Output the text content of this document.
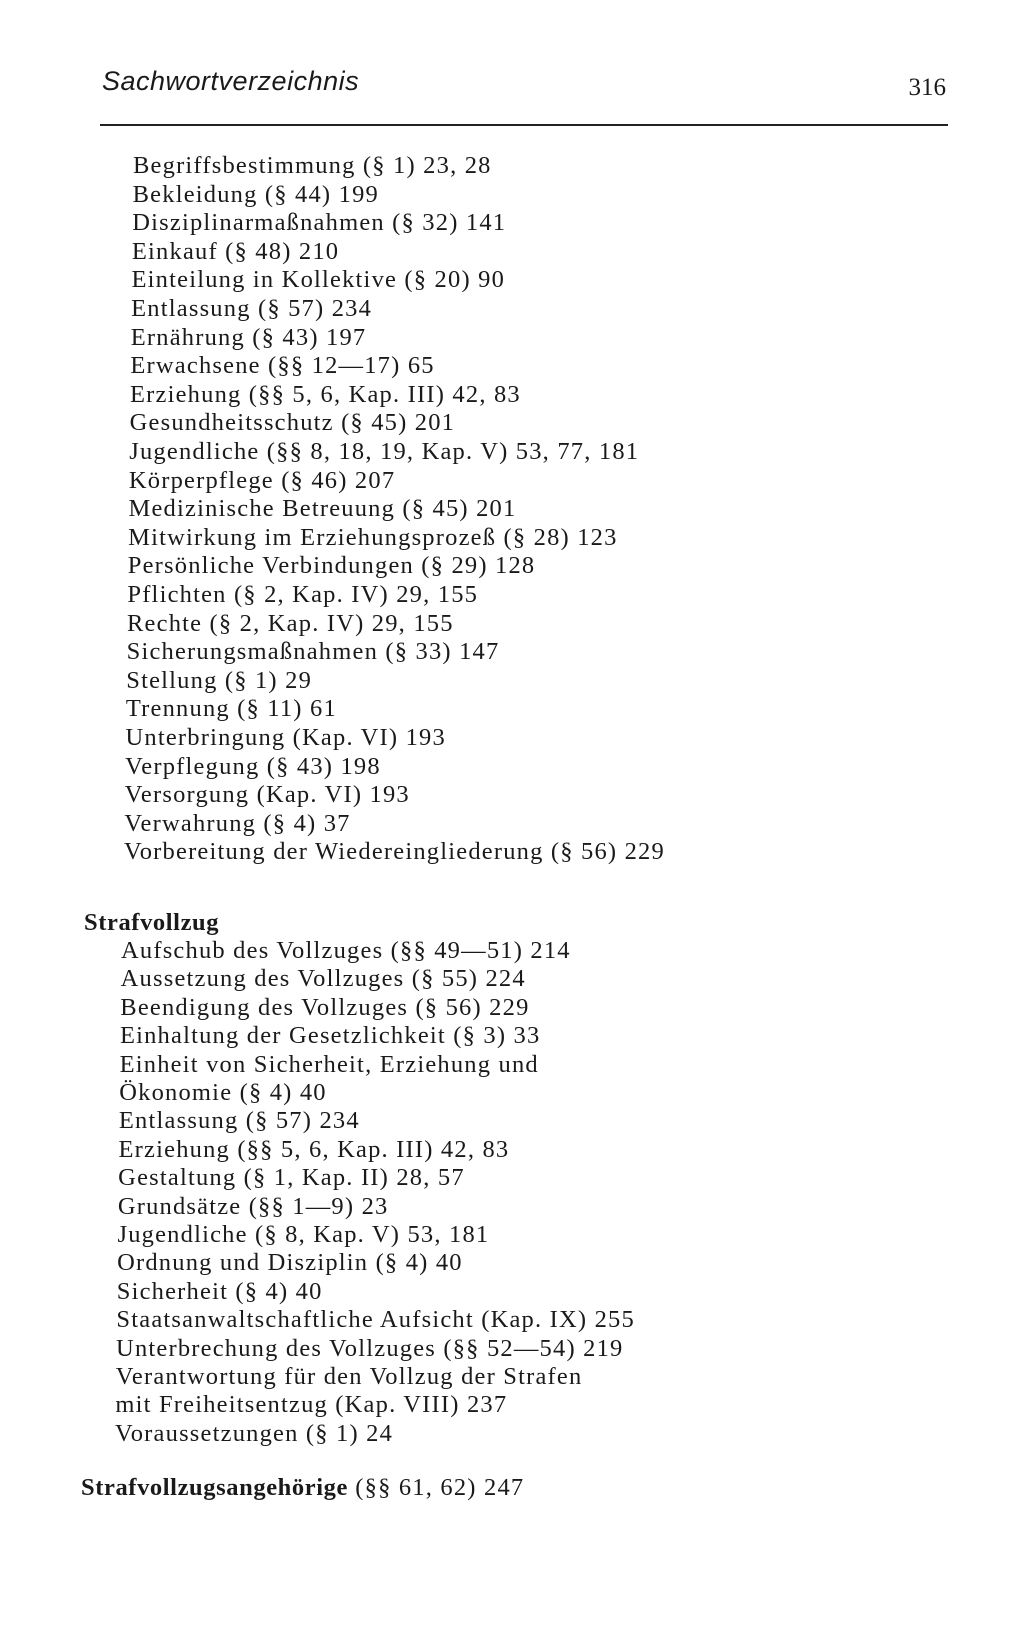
Sachwortverzeichnis	316
Begriffsbestimmung (§ 1) 23, 28
Bekleidung (§ 44) 199
Disziplinarmaßnahmen (§ 32) 141
Einkauf (§ 48) 210
Einteilung in Kollektive (§ 20) 90
Entlassung (§ 57) 234
Ernährung (§ 43) 197
Erwachsene (§§ 12—17) 65
Erziehung (§§ 5, 6, Kap. III) 42, 83
Gesundheitsschutz (§ 45) 201
Jugendliche (§§ 8, 18, 19, Kap. V) 53, 77, 181
Körperpflege (§ 46) 207
Medizinische Betreuung (§ 45) 201
Mitwirkung im Erziehungsprozeß (§ 28) 123
Persönliche Verbindungen (§ 29) 128
Pflichten (§ 2, Kap. IV) 29, 155
Rechte (§ 2, Kap. IV) 29, 155
Sicherungsmaßnahmen (§ 33) 147
Stellung (§ 1) 29
Trennung (§ 11) 61
Unterbringung (Kap. VI) 193
Verpflegung (§ 43) 198
Versorgung (Kap. VI) 193
Verwahrung (§ 4) 37
Vorbereitung der Wiedereingliederung (§ 56) 229
Strafvollzug
Aufschub des Vollzuges (§§ 49—51) 214
Aussetzung des Vollzuges (§ 55) 224
Beendigung des Vollzuges (§ 56) 229
Einhaltung der Gesetzlichkeit (§ 3) 33
Einheit von Sicherheit, Erziehung und
Ökonomie (§ 4) 40
Entlassung (§ 57) 234
Erziehung (§§ 5, 6, Kap. III) 42, 83
Gestaltung (§ 1, Kap. II) 28, 57
Grundsätze (§§ 1—9) 23
Jugendliche (§ 8, Kap. V) 53, 181
Ordnung und Disziplin (§ 4) 40
Sicherheit (§ 4) 40
Staatsanwaltschaftliche Aufsicht (Kap. IX) 255
Unterbrechung des Vollzuges (§§ 52—54) 219
Verantwortung für den Vollzug der Strafen
mit Freiheitsentzug (Kap. VIII) 237
Voraussetzungen (§ 1) 24
Strafvollzugsangehörige (§§ 61, 62) 247
